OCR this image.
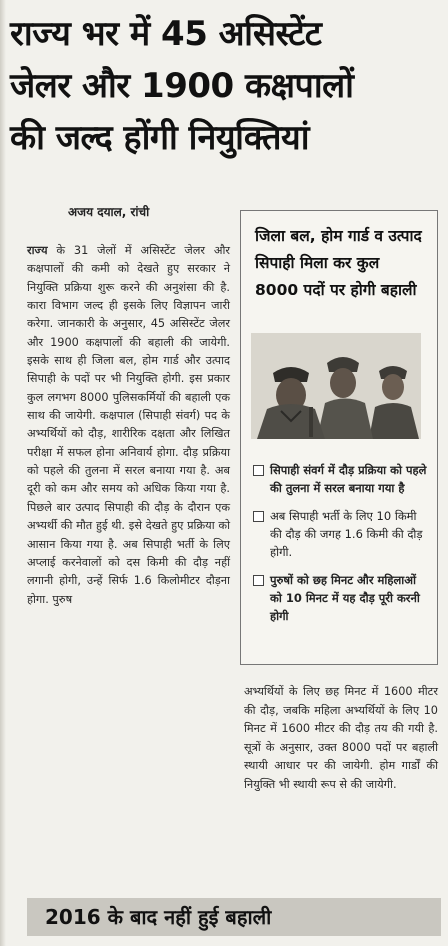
राज्य भर में 45 असिस्टेंट
जेलर और 1900 कक्षपालों
की जल्द होंगी नियुक्तियां
अजय दयाल, रांची
राज्य के 31 जेलों में असिस्टेंट जेलर और कक्षपालों की कमी को देखते हुए सरकार ने नियुक्ति प्रक्रिया शुरू करने की अनुशंसा की है. कारा विभाग जल्द ही इसके लिए विज्ञापन जारी करेगा. जानकारी के अनुसार, 45 असिस्टेंट जेलर और 1900 कक्षपालों की बहाली की जायेगी. इसके साथ ही जिला बल, होम गार्ड और उत्पाद सिपाही के पदों पर भी नियुक्ति होगी. इस प्रकार कुल लगभग 8000 पुलिसकर्मियों की बहाली एक साथ की जायेगी. कक्षपाल (सिपाही संवर्ग) पद के अभ्यर्थियों को दौड़, शारीरिक दक्षता और लिखित परीक्षा में सफल होना अनिवार्य होगा. दौड़ प्रक्रिया को पहले की तुलना में सरल बनाया गया है. अब दूरी को कम और समय को अधिक किया गया है. पिछले बार उत्पाद सिपाही की दौड़ के दौरान एक अभ्यर्थी की मौत हुई थी. इसे देखते हुए प्रक्रिया को आसान किया गया है. अब सिपाही भर्ती के लिए अप्लाई करनेवालों को दस किमी की दौड़ नहीं लगानी होगी, उन्हें सिर्फ 1.6 किलोमीटर दौड़ना होगा. पुरुष
जिला बल, होम गार्ड व उत्पाद सिपाही मिला कर कुल 8000 पदों पर होगी बहाली
सिपाही संवर्ग में दौड़ प्रक्रिया को पहले की तुलना में सरल बनाया गया है
अब सिपाही भर्ती के लिए 10 किमी की दौड़ की जगह 1.6 किमी की दौड़ होगी.
पुरुषों को छह मिनट और महिलाओं को 10 मिनट में यह दौड़ पूरी करनी होगी
अभ्यर्थियों के लिए छह मिनट में 1600 मीटर की दौड़, जबकि महिला अभ्यर्थियों के लिए 10 मिनट में 1600 मीटर की दौड़ तय की गयी है. सूत्रों के अनुसार, उक्त 8000 पदों पर बहाली स्थायी आधार पर की जायेगी. होम गार्डों की नियुक्ति भी स्थायी रूप से की जायेगी.
2016 के बाद नहीं हुई बहाली
